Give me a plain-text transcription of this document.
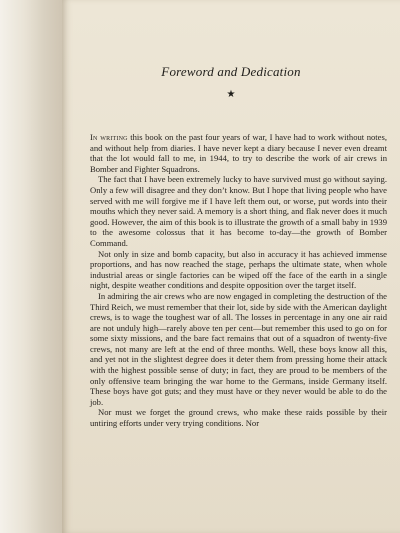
Foreword and Dedication
★

In writing this book on the past four years of war, I have had to work without notes, and without help from diaries. I have never kept a diary because I never even dreamt that the lot would fall to me, in 1944, to try to describe the work of air crews in Bomber and Fighter Squadrons.

The fact that I have been extremely lucky to have survived must go without saying. Only a few will disagree and they don’t know. But I hope that living people who have served with me will forgive me if I have left them out, or worse, put words into their mouths which they never said. A memory is a short thing, and flak never does it much good. However, the aim of this book is to illustrate the growth of a small baby in 1939 to the awesome colossus that it has become to-day—the growth of Bomber Command.

Not only in size and bomb capacity, but also in accuracy it has achieved immense proportions, and has now reached the stage, perhaps the ultimate state, when whole industrial areas or single factories can be wiped off the face of the earth in a single night, despite weather conditions and despite opposition over the target itself.

In admiring the air crews who are now engaged in completing the destruction of the Third Reich, we must remember that their lot, side by side with the American daylight crews, is to wage the toughest war of all. The losses in percentage in any one air raid are not unduly high—rarely above ten per cent—but remember this used to go on for some sixty missions, and the bare fact remains that out of a squadron of twenty-five crews, not many are left at the end of three months. Well, these boys know all this, and yet not in the slightest degree does it deter them from pressing home their attack with the highest possible sense of duty; in fact, they are proud to be members of the only offensive team bringing the war home to the Germans, inside Germany itself. These boys have got guts; and they must have or they never would be able to do the job.

Nor must we forget the ground crews, who make these raids possible by their untiring efforts under very trying conditions. Nor
